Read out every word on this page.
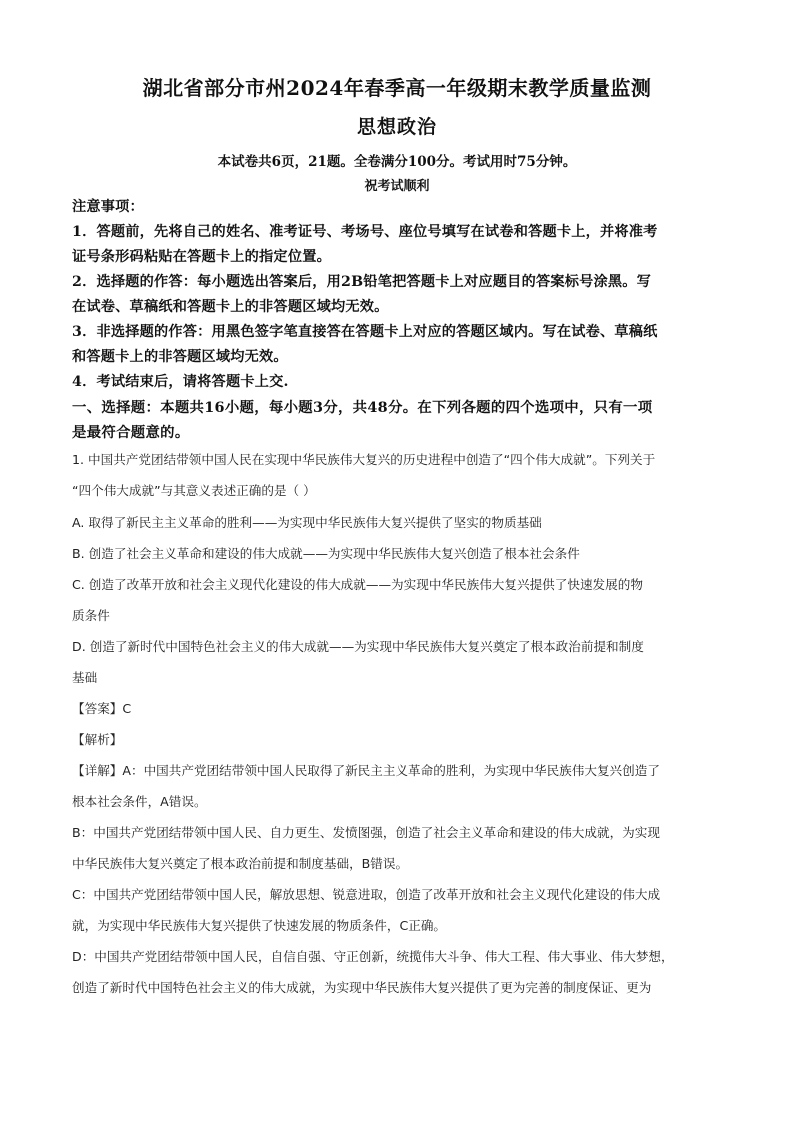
湖北省部分市州2024年春季高一年级期末教学质量监测
思想政治
本试卷共6页，21题。全卷满分100分。考试用时75分钟。
祝考试顺利
注意事项：
1．答题前，先将自己的姓名、准考证号、考场号、座位号填写在试卷和答题卡上，并将准考
证号条形码粘贴在答题卡上的指定位置。
2．选择题的作答：每小题选出答案后，用2B铅笔把答题卡上对应题目的答案标号涂黑。写
在试卷、草稿纸和答题卡上的非答题区域均无效。
3．非选择题的作答：用黑色签字笔直接答在答题卡上对应的答题区域内。写在试卷、草稿纸
和答题卡上的非答题区域均无效。
4．考试结束后，请将答题卡上交.
一、选择题：本题共16小题，每小题3分，共48分。在下列各题的四个选项中，只有一项
是最符合题意的。
1. 中国共产党团结带领中国人民在实现中华民族伟大复兴的历史进程中创造了“四个伟大成就”。下列关于
“四个伟大成就”与其意义表述正确的是（ ）
A. 取得了新民主主义革命的胜利——为实现中华民族伟大复兴提供了坚实的物质基础
B. 创造了社会主义革命和建设的伟大成就——为实现中华民族伟大复兴创造了根本社会条件
C. 创造了改革开放和社会主义现代化建设的伟大成就——为实现中华民族伟大复兴提供了快速发展的物
质条件
D. 创造了新时代中国特色社会主义的伟大成就——为实现中华民族伟大复兴奠定了根本政治前提和制度
基础
【答案】C
【解析】
【详解】A：中国共产党团结带领中国人民取得了新民主主义革命的胜利，为实现中华民族伟大复兴创造了
根本社会条件，A错误。
B：中国共产党团结带领中国人民、自力更生、发愤图强，创造了社会主义革命和建设的伟大成就，为实现
中华民族伟大复兴奠定了根本政治前提和制度基础，B错误。
C：中国共产党团结带领中国人民，解放思想、锐意进取，创造了改革开放和社会主义现代化建设的伟大成
就，为实现中华民族伟大复兴提供了快速发展的物质条件，C正确。
D：中国共产党团结带领中国人民，自信自强、守正创新，统揽伟大斗争、伟大工程、伟大事业、伟大梦想，
创造了新时代中国特色社会主义的伟大成就，为实现中华民族伟大复兴提供了更为完善的制度保证、更为
